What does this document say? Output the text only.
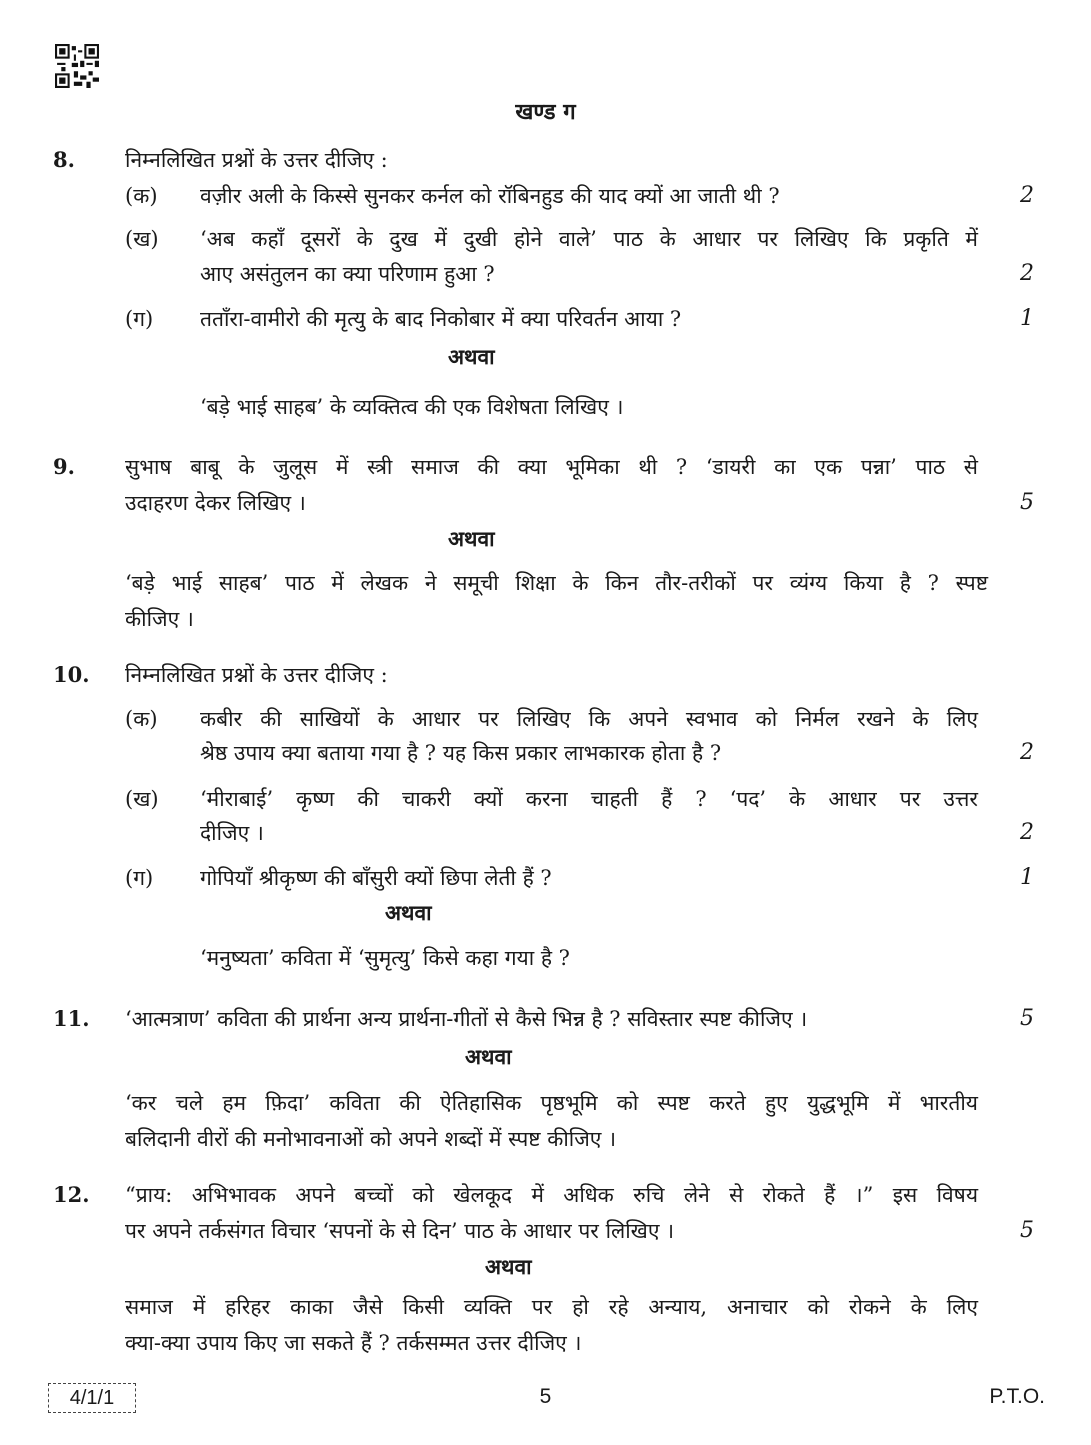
खण्ड ग
8. निम्नलिखित प्रश्नों के उत्तर दीजिए :
(क) वज़ीर अली के किस्से सुनकर कर्नल को रॉबिनहुड की याद क्यों आ जाती थी ?	2
(ख) ‘अब कहाँ दूसरों के दुख में दुखी होने वाले’ पाठ के आधार पर लिखिए कि प्रकृति में
आए असंतुलन का क्या परिणाम हुआ ?	2
(ग) तताँरा-वामीरो की मृत्यु के बाद निकोबार में क्या परिवर्तन आया ?	1
अथवा
‘बड़े भाई साहब’ के व्यक्तित्व की एक विशेषता लिखिए ।
9. सुभाष बाबू के जुलूस में स्त्री समाज की क्या भूमिका थी ? ‘डायरी का एक पन्ना’ पाठ से
उदाहरण देकर लिखिए ।	5
अथवा
‘बड़े भाई साहब’ पाठ में लेखक ने समूची शिक्षा के किन तौर-तरीकों पर व्यंग्य किया है ? स्पष्ट
कीजिए ।
10. निम्नलिखित प्रश्नों के उत्तर दीजिए :
(क) कबीर की साखियों के आधार पर लिखिए कि अपने स्वभाव को निर्मल रखने के लिए
श्रेष्ठ उपाय क्या बताया गया है ? यह किस प्रकार लाभकारक होता है ?	2
(ख) ‘मीराबाई’ कृष्ण की चाकरी क्यों करना चाहती हैं ? ‘पद’ के आधार पर उत्तर
दीजिए ।	2
(ग) गोपियाँ श्रीकृष्ण की बाँसुरी क्यों छिपा लेती हैं ?	1
अथवा
‘मनुष्यता’ कविता में ‘सुमृत्यु’ किसे कहा गया है ?
11. ‘आत्मत्राण’ कविता की प्रार्थना अन्य प्रार्थना-गीतों से कैसे भिन्न है ? सविस्तार स्पष्ट कीजिए ।	5
अथवा
‘कर चले हम फ़िदा’ कविता की ऐतिहासिक पृष्ठभूमि को स्पष्ट करते हुए युद्धभूमि में भारतीय
बलिदानी वीरों की मनोभावनाओं को अपने शब्दों में स्पष्ट कीजिए ।
12. “प्राय: अभिभावक अपने बच्चों को खेलकूद में अधिक रुचि लेने से रोकते हैं ।” इस विषय
पर अपने तर्कसंगत विचार ‘सपनों के से दिन’ पाठ के आधार पर लिखिए ।	5
अथवा
समाज में हरिहर काका जैसे किसी व्यक्ति पर हो रहे अन्याय, अनाचार को रोकने के लिए
क्या-क्या उपाय किए जा सकते हैं ? तर्कसम्मत उत्तर दीजिए ।
5
4/1/1	P.T.O.
